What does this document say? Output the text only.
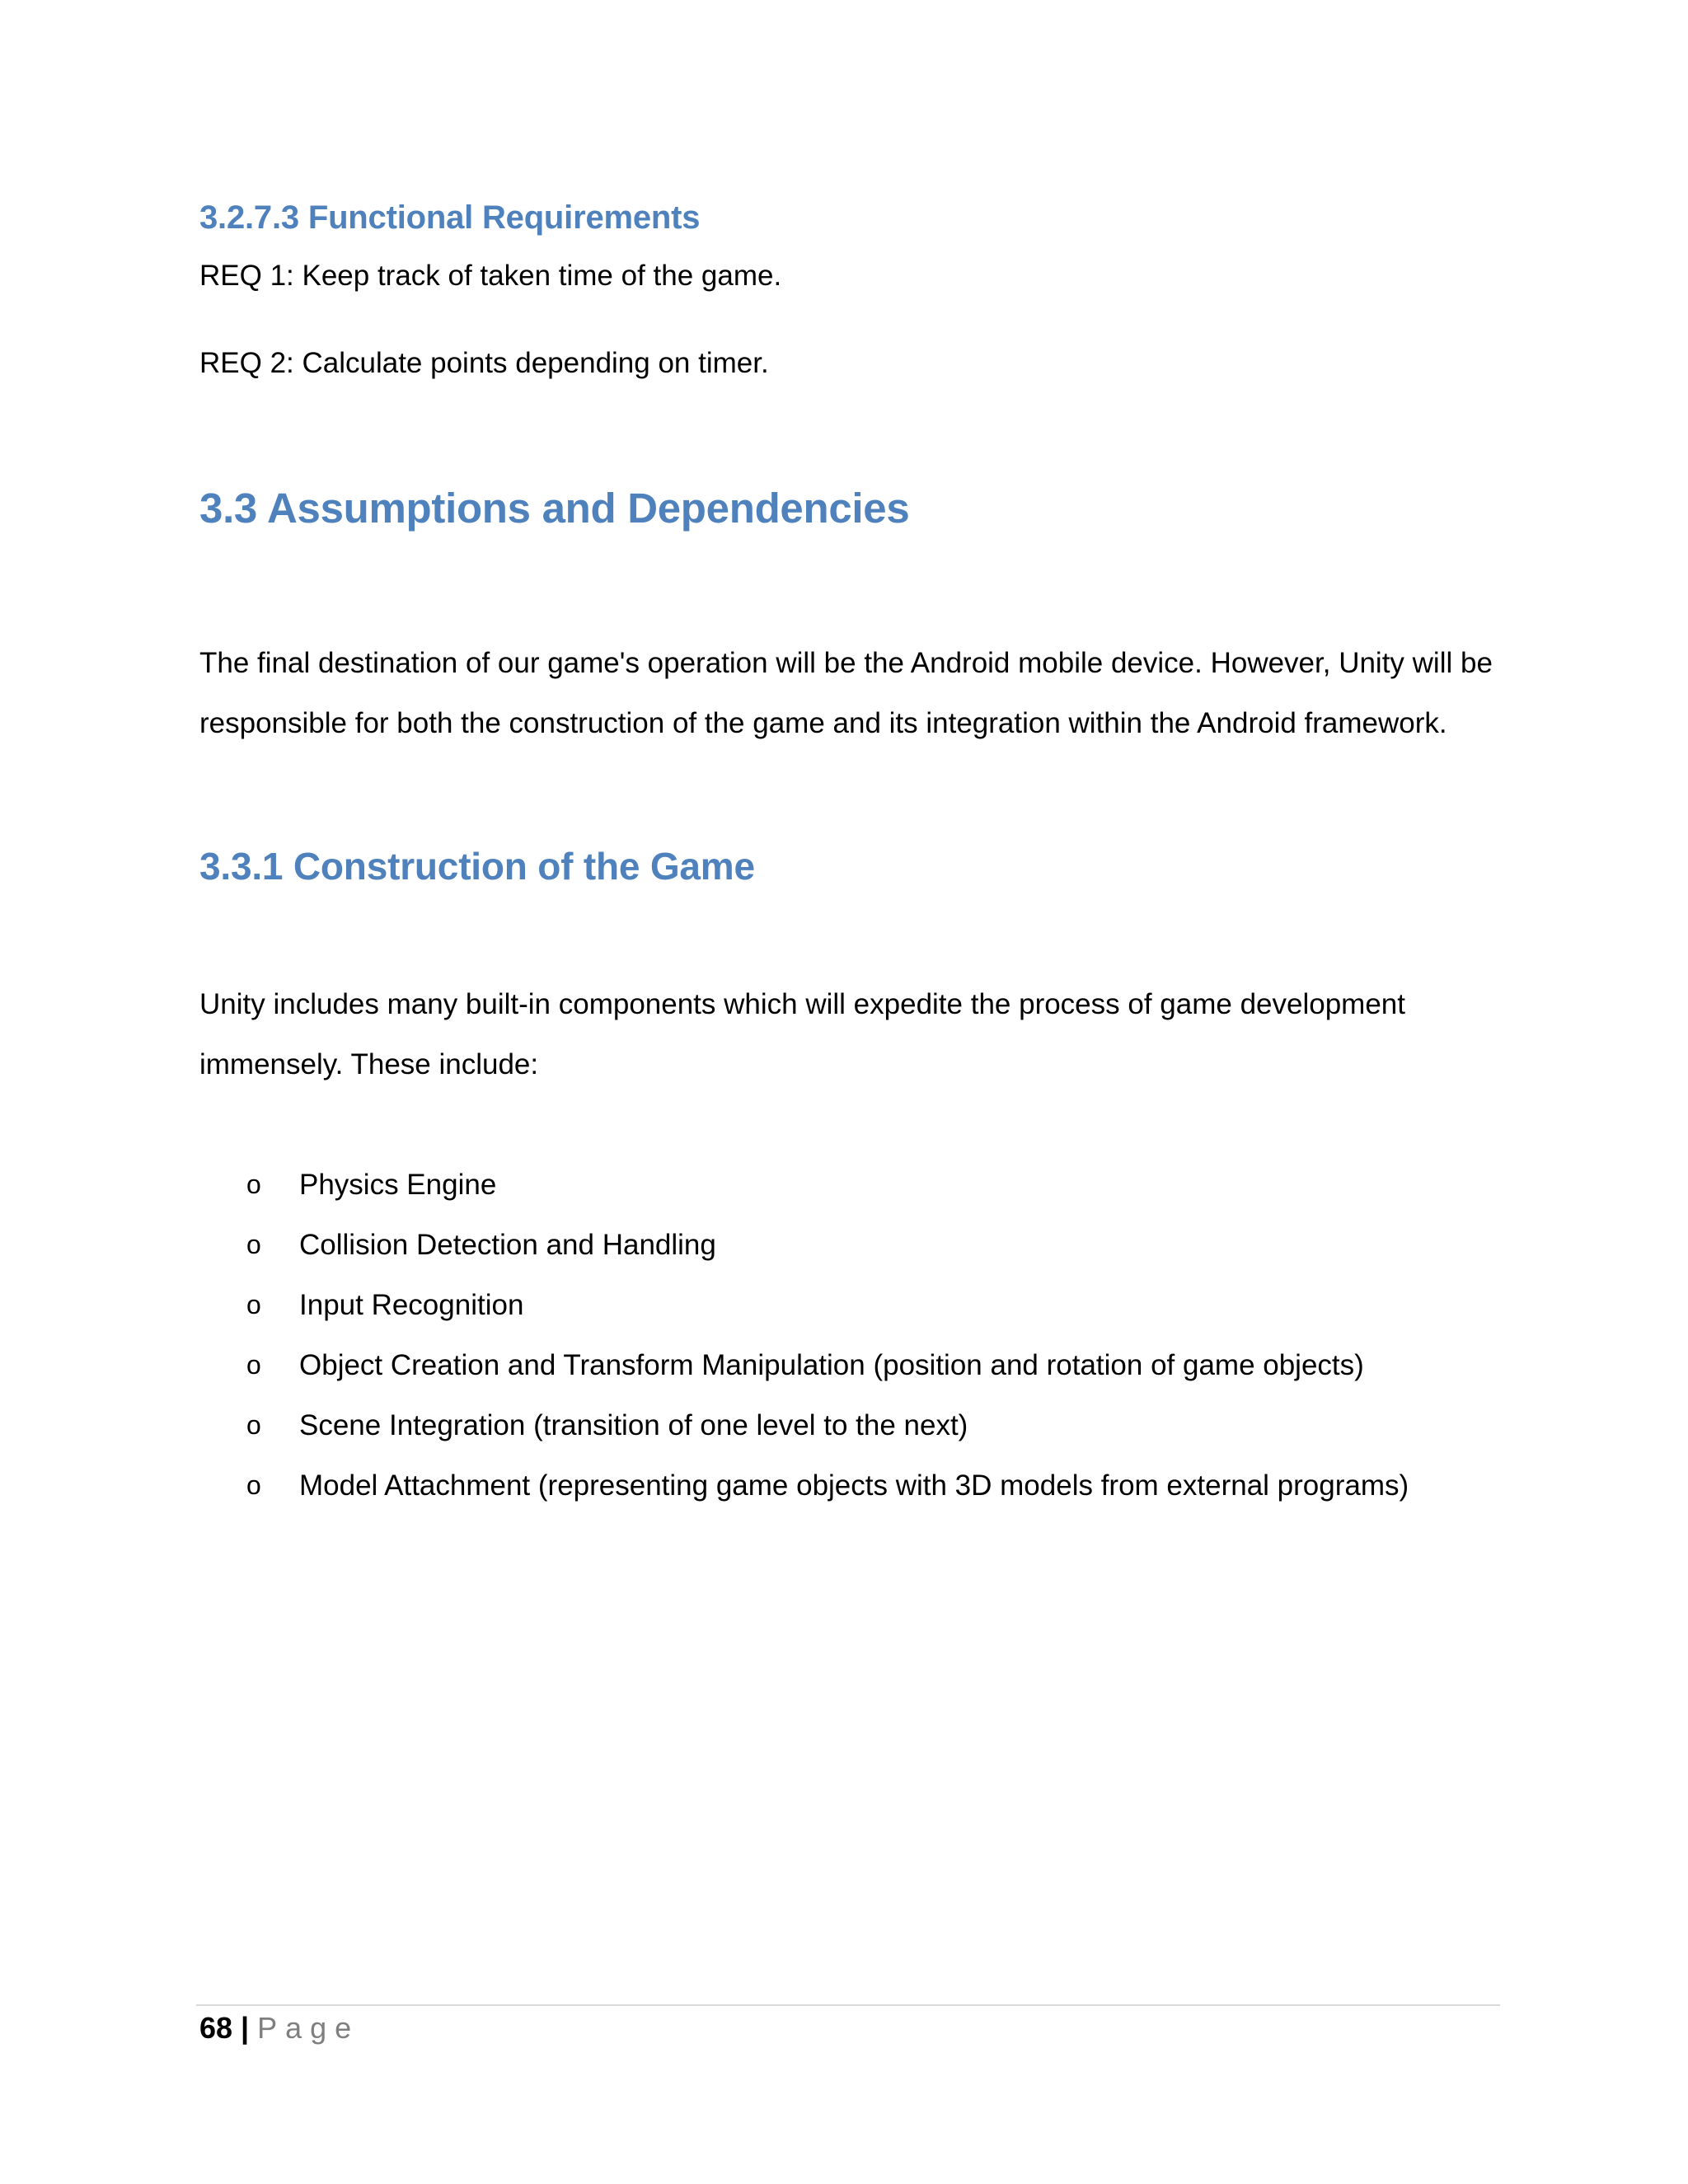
3.2.7.3 Functional Requirements

REQ 1: Keep track of taken time of the game.

REQ 2: Calculate points depending on timer.

3.3 Assumptions and Dependencies

The final destination of our game's operation will be the Android mobile device. However, Unity will be responsible for both the construction of the game and its integration within the Android framework.

3.3.1 Construction of the Game

Unity includes many built-in components which will expedite the process of game development immensely. These include:

o Physics Engine
o Collision Detection and Handling
o Input Recognition
o Object Creation and Transform Manipulation (position and rotation of game objects)
o Scene Integration (transition of one level to the next)
o Model Attachment (representing game objects with 3D models from external programs)
68 | Page
